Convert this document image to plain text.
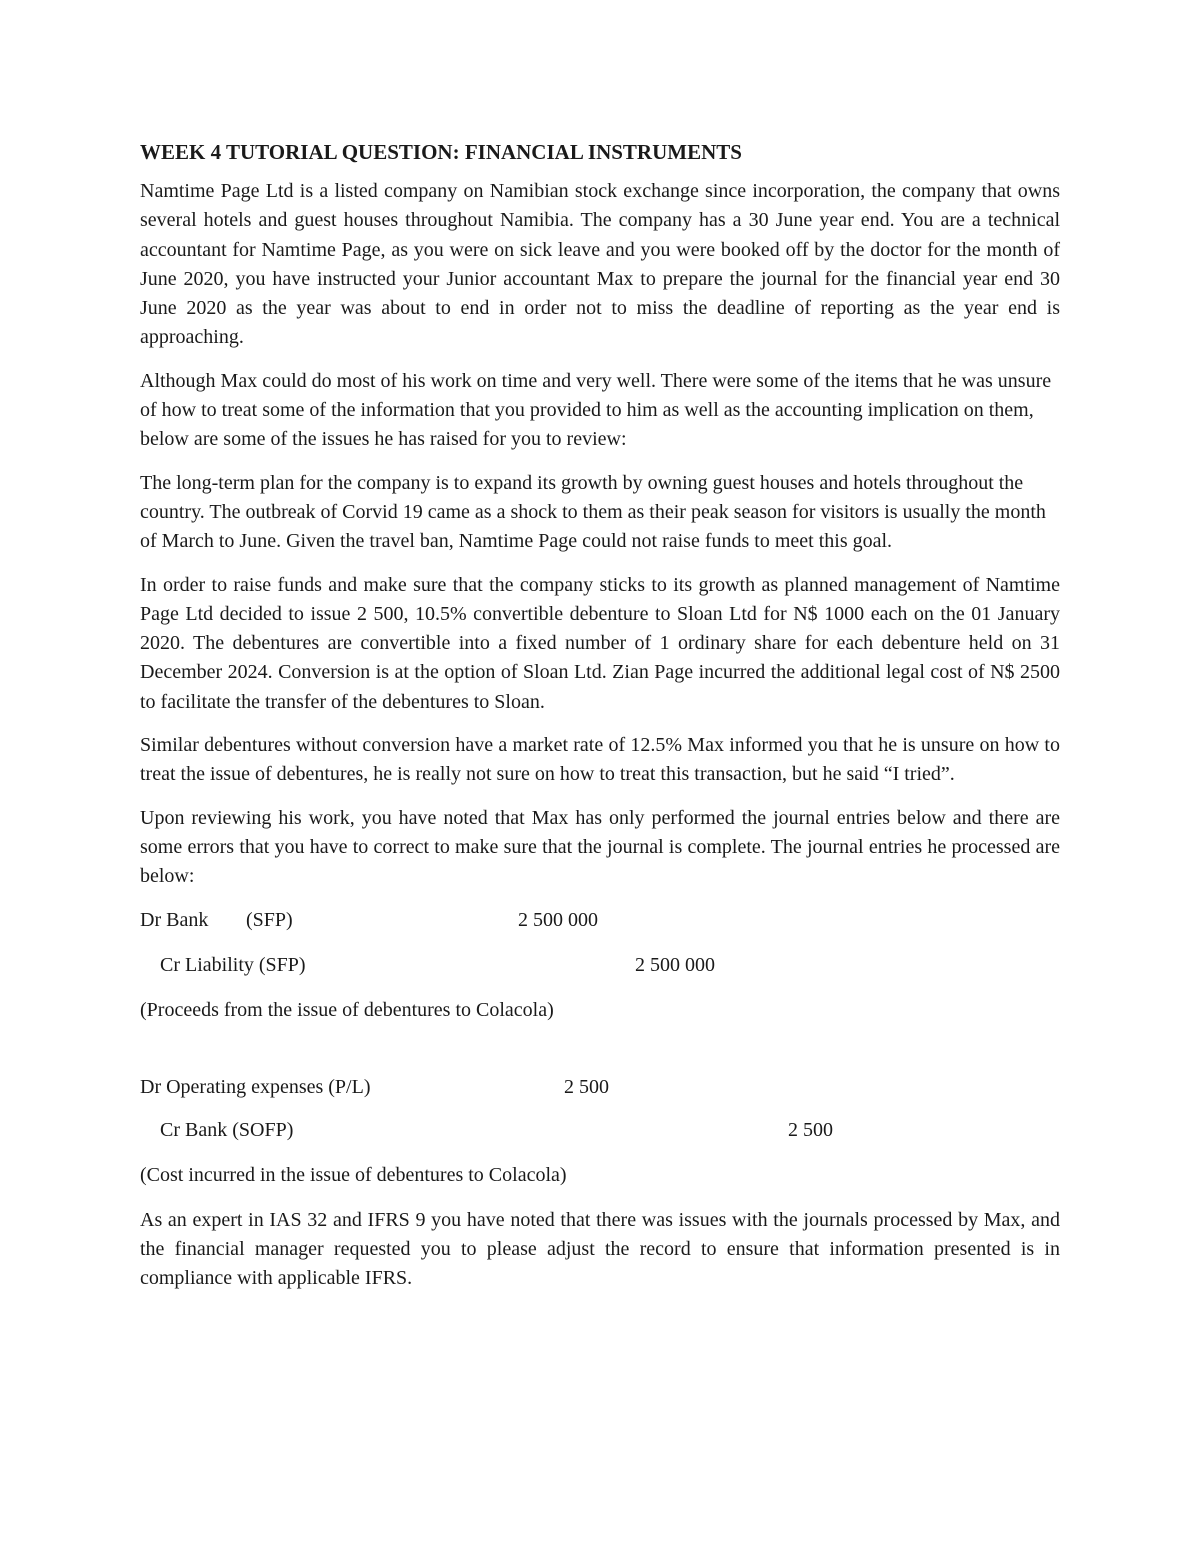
WEEK 4 TUTORIAL QUESTION: FINANCIAL INSTRUMENTS

Namtime Page Ltd is a listed company on Namibian stock exchange since incorporation, the company that owns several hotels and guest houses throughout Namibia. The company has a 30 June year end. You are a technical accountant for Namtime Page, as you were on sick leave and you were booked off by the doctor for the month of June 2020, you have instructed your Junior accountant Max to prepare the journal for the financial year end 30 June 2020 as the year was about to end in order not to miss the deadline of reporting as the year end is approaching.

Although Max could do most of his work on time and very well. There were some of the items that he was unsure of how to treat some of the information that you provided to him as well as the accounting implication on them, below are some of the issues he has raised for you to review:

The long-term plan for the company is to expand its growth by owning guest houses and hotels throughout the country. The outbreak of Corvid 19 came as a shock to them as their peak season for visitors is usually the month of March to June. Given the travel ban, Namtime Page could not raise funds to meet this goal.

In order to raise funds and make sure that the company sticks to its growth as planned management of Namtime Page Ltd decided to issue 2 500, 10.5% convertible debenture to Sloan Ltd for N$ 1000 each on the 01 January 2020. The debentures are convertible into a fixed number of 1 ordinary share for each debenture held on 31 December 2024. Conversion is at the option of Sloan Ltd. Zian Page incurred the additional legal cost of N$ 2500 to facilitate the transfer of the debentures to Sloan.

Similar debentures without conversion have a market rate of 12.5% Max informed you that he is unsure on how to treat the issue of debentures, he is really not sure on how to treat this transaction, but he said “I tried”.

Upon reviewing his work, you have noted that Max has only performed the journal entries below and there are some errors that you have to correct to make sure that the journal is complete. The journal entries he processed are below:

Dr Bank (SFP)	2 500 000
Cr Liability (SFP)	2 500 000
(Proceeds from the issue of debentures to Colacola)
Dr Operating expenses (P/L)	2 500
Cr Bank (SOFP)	2 500
(Cost incurred in the issue of debentures to Colacola)

As an expert in IAS 32 and IFRS 9 you have noted that there was issues with the journals processed by Max, and the financial manager requested you to please adjust the record to ensure that information presented is in compliance with applicable IFRS.
